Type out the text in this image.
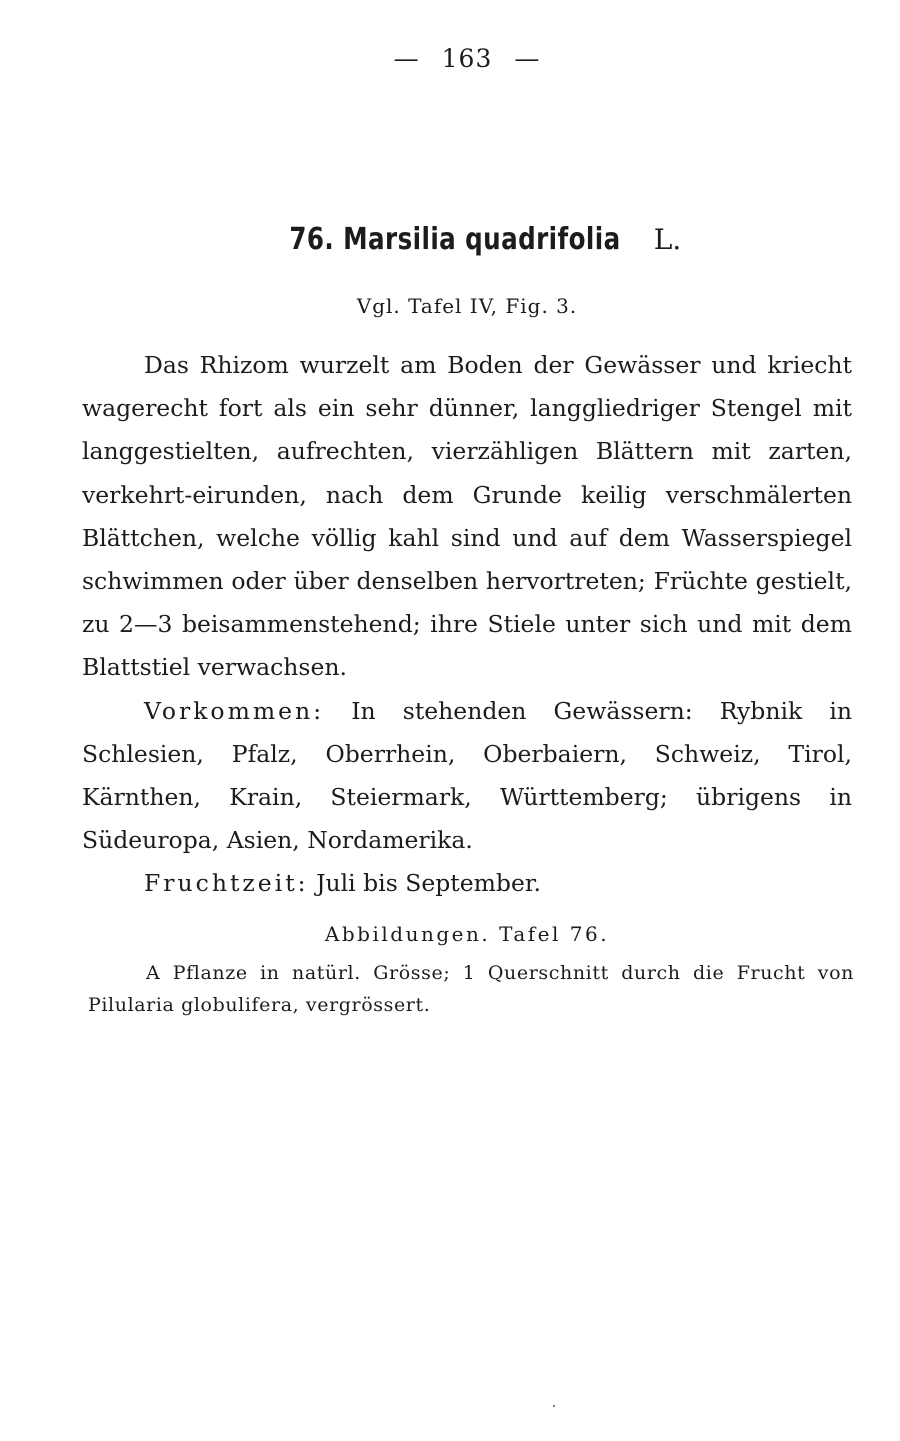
— 163 —
76. Marsilia quadrifolia L.
Vgl. Tafel IV, Fig. 3.

Das Rhizom wurzelt am Boden der Gewässer und kriecht wagerecht fort als ein sehr dünner, langgliedriger Stengel mit langgestielten, aufrechten, vierzähligen Blättern mit zarten, verkehrt-eirunden, nach dem Grunde keilig verschmälerten Blättchen, welche völlig kahl sind und auf dem Wasserspiegel schwimmen oder über denselben hervortreten; Früchte gestielt, zu 2—3 beisammenstehend; ihre Stiele unter sich und mit dem Blattstiel verwachsen.

Vorkommen: In stehenden Gewässern: Rybnik in Schlesien, Pfalz, Oberrhein, Oberbaiern, Schweiz, Tirol, Kärnthen, Krain, Steiermark, Württemberg; übrigens in Südeuropa, Asien, Nordamerika.

Fruchtzeit: Juli bis September.

Abbildungen. Tafel 76.

A Pflanze in natürl. Grösse; 1 Querschnitt durch die Frucht von Pilularia globulifera, vergrössert.
